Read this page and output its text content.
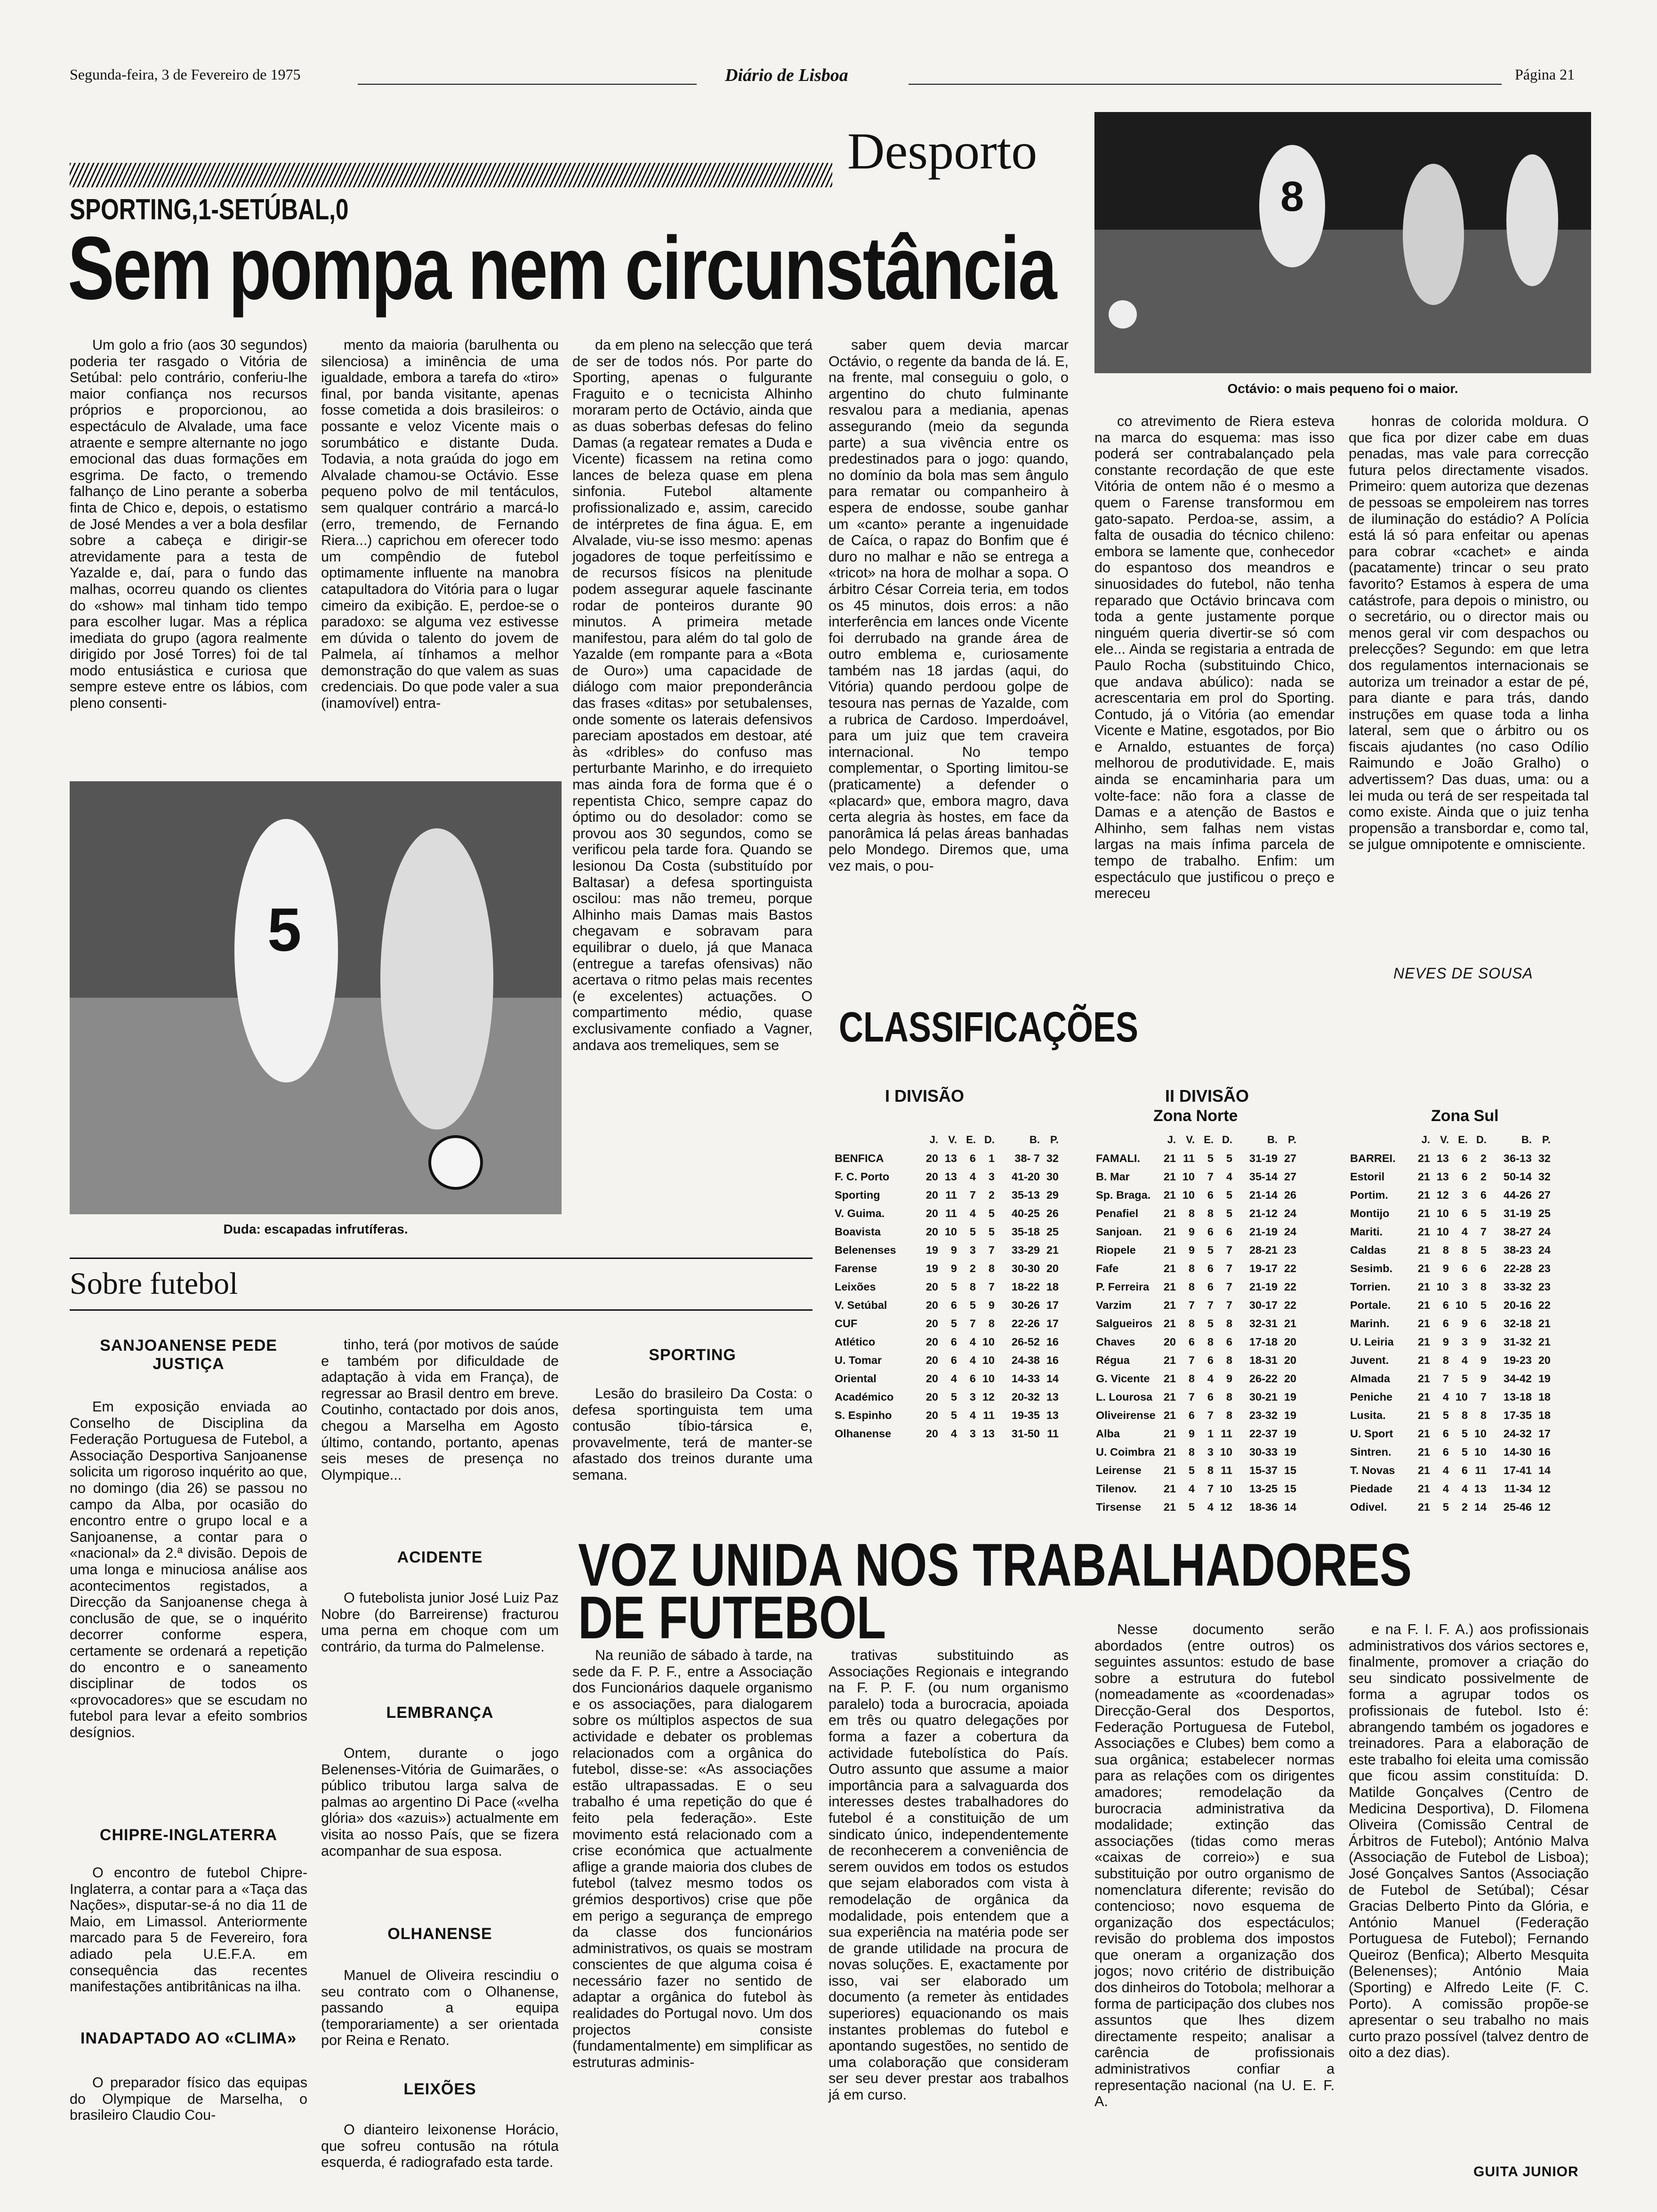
Segunda-feira, 3 de Fevereiro de 1975	Diário de Lisboa	Página 21
Desporto
SPORTING,1-SETÚBAL,0
Sem pompa nem circunstância
8
Octávio: o mais pequeno foi o maior.

Um golo a frio (aos 30 segundos) poderia ter rasgado o Vitória de Setúbal: pelo contrário, conferiu-lhe maior confiança nos recursos próprios e proporcionou, ao espectáculo de Alvalade, uma face atraente e sempre alternante no jogo emocional das duas formações em esgrima. De facto, o tremendo falhanço de Lino perante a soberba finta de Chico e, depois, o estatismo de José Mendes a ver a bola desfilar sobre a cabeça e dirigir-se atrevidamente para a testa de Yazalde e, daí, para o fundo das malhas, ocorreu quando os clientes do «show» mal tinham tido tempo para escolher lugar. Mas a réplica imediata do grupo (agora realmente dirigido por José Torres) foi de tal modo entusiástica e curiosa que sempre esteve entre os lábios, com pleno consenti-

mento da maioria (barulhenta ou silenciosa) a iminência de uma igualdade, embora a tarefa do «tiro» final, por banda visitante, apenas fosse cometida a dois brasileiros: o possante e veloz Vicente mais o sorumbático e distante Duda. Todavia, a nota graúda do jogo em Alvalade chamou-se Octávio. Esse pequeno polvo de mil tentáculos, sem qualquer contrário a marcá-lo (erro, tremendo, de Fernando Riera...) caprichou em oferecer todo um compêndio de futebol optimamente influente na manobra catapultadora do Vitória para o lugar cimeiro da exibição. E, perdoe-se o paradoxo: se alguma vez estivesse em dúvida o talento do jovem de Palmela, aí tínhamos a melhor demonstração do que valem as suas credenciais. Do que pode valer a sua (inamovível) entra-

da em pleno na selecção que terá de ser de todos nós. Por parte do Sporting, apenas o fulgurante Fraguito e o tecnicista Alhinho moraram perto de Octávio, ainda que as duas soberbas defesas do felino Damas (a regatear remates a Duda e Vicente) ficassem na retina como lances de beleza quase em plena sinfonia. Futebol altamente profissionalizado e, assim, carecido de intérpretes de fina água. E, em Alvalade, viu-se isso mesmo: apenas jogadores de toque perfeitíssimo e de recursos físicos na plenitude podem assegurar aquele fascinante rodar de ponteiros durante 90 minutos. A primeira metade manifestou, para além do tal golo de Yazalde (em rompante para a «Bota de Ouro») uma capacidade de diálogo com maior preponderância das frases «ditas» por setubalenses, onde somente os laterais defensivos pareciam apostados em destoar, até às «dribles» do confuso mas perturbante Marinho, e do irrequieto mas ainda fora de forma que é o repentista Chico, sempre capaz do óptimo ou do desolador: como se provou aos 30 segundos, como se verificou pela tarde fora. Quando se lesionou Da Costa (substituído por Baltasar) a defesa sportinguista oscilou: mas não tremeu, porque Alhinho mais Damas mais Bastos chegavam e sobravam para equilibrar o duelo, já que Manaca (entregue a tarefas ofensivas) não acertava o ritmo pelas mais recentes (e excelentes) actuações. O compartimento médio, quase exclusivamente confiado a Vagner, andava aos tremeliques, sem se

saber quem devia marcar Octávio, o regente da banda de lá. E, na frente, mal conseguiu o golo, o argentino do chuto fulminante resvalou para a mediania, apenas assegurando (meio da segunda parte) a sua vivência entre os predestinados para o jogo: quando, no domínio da bola mas sem ângulo para rematar ou companheiro à espera de endosse, soube ganhar um «canto» perante a ingenuidade de Caíca, o rapaz do Bonfim que é duro no malhar e não se entrega a «tricot» na hora de molhar a sopa. O árbitro César Correia teria, em todos os 45 minutos, dois erros: a não interferência em lances onde Vicente foi derrubado na grande área de outro emblema e, curiosamente também nas 18 jardas (aqui, do Vitória) quando perdoou golpe de tesoura nas pernas de Yazalde, com a rubrica de Cardoso. Imperdoável, para um juiz que tem craveira internacional. No tempo complementar, o Sporting limitou-se (praticamente) a defender o «placard» que, embora magro, dava certa alegria às hostes, em face da panorâmica lá pelas áreas banhadas pelo Mondego. Diremos que, uma vez mais, o pou-

co atrevimento de Riera esteva na marca do esquema: mas isso poderá ser contrabalançado pela constante recordação de que este Vitória de ontem não é o mesmo a quem o Farense transformou em gato-sapato. Perdoa-se, assim, a falta de ousadia do técnico chileno: embora se lamente que, conhecedor do espantoso dos meandros e sinuosidades do futebol, não tenha reparado que Octávio brincava com toda a gente justamente porque ninguém queria divertir-se só com ele... Ainda se registaria a entrada de Paulo Rocha (substituindo Chico, que andava abúlico): nada se acrescentaria em prol do Sporting. Contudo, já o Vitória (ao emendar Vicente e Matine, esgotados, por Bio e Arnaldo, estuantes de força) melhorou de produtividade. E, mais ainda se encaminharia para um volte-face: não fora a classe de Damas e a atenção de Bastos e Alhinho, sem falhas nem vistas largas na mais ínfima parcela de tempo de trabalho. Enfim: um espectáculo que justificou o preço e mereceu

honras de colorida moldura. O que fica por dizer cabe em duas penadas, mas vale para correcção futura pelos directamente visados. Primeiro: quem autoriza que dezenas de pessoas se empoleirem nas torres de iluminação do estádio? A Polícia está lá só para enfeitar ou apenas para cobrar «cachet» e ainda (pacatamente) trincar o seu prato favorito? Estamos à espera de uma catástrofe, para depois o ministro, ou o secretário, ou o director mais ou menos geral vir com despachos ou prelecções? Segundo: em que letra dos regulamentos internacionais se autoriza um treinador a estar de pé, para diante e para trás, dando instruções em quase toda a linha lateral, sem que o árbitro ou os fiscais ajudantes (no caso Odílio Raimundo e João Gralho) o advertissem? Das duas, uma: ou a lei muda ou terá de ser respeitada tal como existe. Ainda que o juiz tenha propensão a transbordar e, como tal, se julgue omnipotente e omnisciente.

NEVES DE SOUSA
5
Duda: escapadas infrutíferas.
CLASSIFICAÇÕES
I DIVISÃO	II DIVISÃO
Zona Norte	Zona Sul
	J.	V.	E.	D.	B.	P.
BENFICA	20	13	6	1	38- 7	32
F. C. Porto	20	13	4	3	41-20	30
Sporting	20	11	7	2	35-13	29
V. Guima.	20	11	4	5	40-25	26
Boavista	20	10	5	5	35-18	25
Belenenses	19	9	3	7	33-29	21
Farense	19	9	2	8	30-30	20
Leixões	20	5	8	7	18-22	18
V. Setúbal	20	6	5	9	30-26	17
CUF	20	5	7	8	22-26	17
Atlético	20	6	4	10	26-52	16
U. Tomar	20	6	4	10	24-38	16
Oriental	20	4	6	10	14-33	14
Académico	20	5	3	12	20-32	13
S. Espinho	20	5	4	11	19-35	13
Olhanense	20	4	3	13	31-50	11
	J.	V.	E.	D.	B.	P.
FAMALI.	21	11	5	5	31-19	27
B. Mar	21	10	7	4	35-14	27
Sp. Braga.	21	10	6	5	21-14	26
Penafiel	21	8	8	5	21-12	24
Sanjoan.	21	9	6	6	21-19	24
Riopele	21	9	5	7	28-21	23
Fafe	21	8	6	7	19-17	22
P. Ferreira	21	8	6	7	21-19	22
Varzim	21	7	7	7	30-17	22
Salgueiros	21	8	5	8	32-31	21
Chaves	20	6	8	6	17-18	20
Régua	21	7	6	8	18-31	20
G. Vicente	21	8	4	9	26-22	20
L. Lourosa	21	7	6	8	30-21	19
Oliveirense	21	6	7	8	23-32	19
Alba	21	9	1	11	22-37	19
U. Coimbra	21	8	3	10	30-33	19
Leirense	21	5	8	11	15-37	15
Tilenov.	21	4	7	10	13-25	15
Tirsense	21	5	4	12	18-36	14
	J.	V.	E.	D.	B.	P.
BARREI.	21	13	6	2	36-13	32
Estoril	21	13	6	2	50-14	32
Portim.	21	12	3	6	44-26	27
Montijo	21	10	6	5	31-19	25
Mariti.	21	10	4	7	38-27	24
Caldas	21	8	8	5	38-23	24
Sesimb.	21	9	6	6	22-28	23
Torrien.	21	10	3	8	33-32	23
Portale.	21	6	10	5	20-16	22
Marinh.	21	6	9	6	32-18	21
U. Leiria	21	9	3	9	31-32	21
Juvent.	21	8	4	9	19-23	20
Almada	21	7	5	9	34-42	19
Peniche	21	4	10	7	13-18	18
Lusita.	21	5	8	8	17-35	18
U. Sport	21	6	5	10	24-32	17
Sintren.	21	6	5	10	14-30	16
T. Novas	21	4	6	11	17-41	14
Piedade	21	4	4	13	11-34	12
Odivel.	21	5	2	14	25-46	12
Sobre futebol
SANJOANENSE PEDE JUSTIÇA

Em exposição enviada ao Conselho de Disciplina da Federação Portuguesa de Futebol, a Associação Desportiva Sanjoanense solicita um rigoroso inquérito ao que, no domingo (dia 26) se passou no campo da Alba, por ocasião do encontro entre o grupo local e a Sanjoanense, a contar para o «nacional» da 2.ª divisão. Depois de uma longa e minuciosa análise aos acontecimentos registados, a Direcção da Sanjoanense chega à conclusão de que, se o inquérito decorrer conforme espera, certamente se ordenará a repetição do encontro e o saneamento disciplinar de todos os «provocadores» que se escudam no futebol para levar a efeito sombrios desígnios.

CHIPRE-INGLATERRA

O encontro de futebol Chipre-Inglaterra, a contar para a «Taça das Nações», disputar-se-á no dia 11 de Maio, em Limassol. Anteriormente marcado para 5 de Fevereiro, fora adiado pela U.E.F.A. em consequência das recentes manifestações antibritânicas na ilha.

INADAPTADO AO «CLIMA»

O preparador físico das equipas do Olympique de Marselha, o brasileiro Claudio Cou-

tinho, terá (por motivos de saúde e também por dificuldade de adaptação à vida em França), de regressar ao Brasil dentro em breve. Coutinho, contactado por dois anos, chegou a Marselha em Agosto último, contando, portanto, apenas seis meses de presença no Olympique...

ACIDENTE

O futebolista junior José Luiz Paz Nobre (do Barreirense) fracturou uma perna em choque com um contrário, da turma do Palmelense.

LEMBRANÇA

Ontem, durante o jogo Belenenses-Vitória de Guimarães, o público tributou larga salva de palmas ao argentino Di Pace («velha glória» dos «azuis») actualmente em visita ao nosso País, que se fizera acompanhar de sua esposa.

OLHANENSE

Manuel de Oliveira rescindiu o seu contrato com o Olhanense, passando a equipa (temporariamente) a ser orientada por Reina e Renato.

LEIXÕES

O dianteiro leixonense Horácio, que sofreu contusão na rótula esquerda, é radiografado esta tarde.

SPORTING

Lesão do brasileiro Da Costa: o defesa sportinguista tem uma contusão tíbio-társica e, provavelmente, terá de manter-se afastado dos treinos durante uma semana.

VOZ UNIDA NOS TRABALHADORES DE FUTEBOL

Na reunião de sábado à tarde, na sede da F. P. F., entre a Associação dos Funcionários daquele organismo e os associações, para dialogarem sobre os múltiplos aspectos de sua actividade e debater os problemas relacionados com a orgânica do futebol, disse-se: «As associações estão ultrapassadas. E o seu trabalho é uma repetição do que é feito pela federação». Este movimento está relacionado com a crise económica que actualmente aflige a grande maioria dos clubes de futebol (talvez mesmo todos os grémios desportivos) crise que põe em perigo a segurança de emprego da classe dos funcionários administrativos, os quais se mostram conscientes de que alguma coisa é necessário fazer no sentido de adaptar a orgânica do futebol às realidades do Portugal novo. Um dos projectos consiste (fundamentalmente) em simplificar as estruturas adminis-

trativas substituindo as Associações Regionais e integrando na F. P. F. (ou num organismo paralelo) toda a burocracia, apoiada em três ou quatro delegações por forma a fazer a cobertura da actividade futebolística do País. Outro assunto que assume a maior importância para a salvaguarda dos interesses destes trabalhadores do futebol é a constituição de um sindicato único, independentemente de reconhecerem a conveniência de serem ouvidos em todos os estudos que sejam elaborados com vista à remodelação de orgânica da modalidade, pois entendem que a sua experiência na matéria pode ser de grande utilidade na procura de novas soluções. E, exactamente por isso, vai ser elaborado um documento (a remeter às entidades superiores) equacionando os mais instantes problemas do futebol e apontando sugestões, no sentido de uma colaboração que consideram ser seu dever prestar aos trabalhos já em curso.

Nesse documento serão abordados (entre outros) os seguintes assuntos: estudo de base sobre a estrutura do futebol (nomeadamente as «coordenadas» Direcção-Geral dos Desportos, Federação Portuguesa de Futebol, Associações e Clubes) bem como a sua orgânica; estabelecer normas para as relações com os dirigentes amadores; remodelação da burocracia administrativa da modalidade; extinção das associações (tidas como meras «caixas de correio») e sua substituição por outro organismo de nomenclatura diferente; revisão do contencioso; novo esquema de organização dos espectáculos; revisão do problema dos impostos que oneram a organização dos jogos; novo critério de distribuição dos dinheiros do Totobola; melhorar a forma de participação dos clubes nos assuntos que lhes dizem directamente respeito; analisar a carência de profissionais administrativos confiar a representação nacional (na U. E. F. A.

e na F. I. F. A.) aos profissionais administrativos dos vários sectores e, finalmente, promover a criação do seu sindicato possivelmente de forma a agrupar todos os profissionais de futebol. Isto é: abrangendo também os jogadores e treinadores. Para a elaboração de este trabalho foi eleita uma comissão que ficou assim constituída: D. Matilde Gonçalves (Centro de Medicina Desportiva), D. Filomena Oliveira (Comissão Central de Árbitros de Futebol); António Malva (Associação de Futebol de Lisboa); José Gonçalves Santos (Associação de Futebol de Setúbal); César Gracias Delberto Pinto da Glória, e António Manuel (Federação Portuguesa de Futebol); Fernando Queiroz (Benfica); Alberto Mesquita (Belenenses); António Maia (Sporting) e Alfredo Leite (F. C. Porto). A comissão propõe-se apresentar o seu trabalho no mais curto prazo possível (talvez dentro de oito a dez dias).

GUITA JUNIOR
